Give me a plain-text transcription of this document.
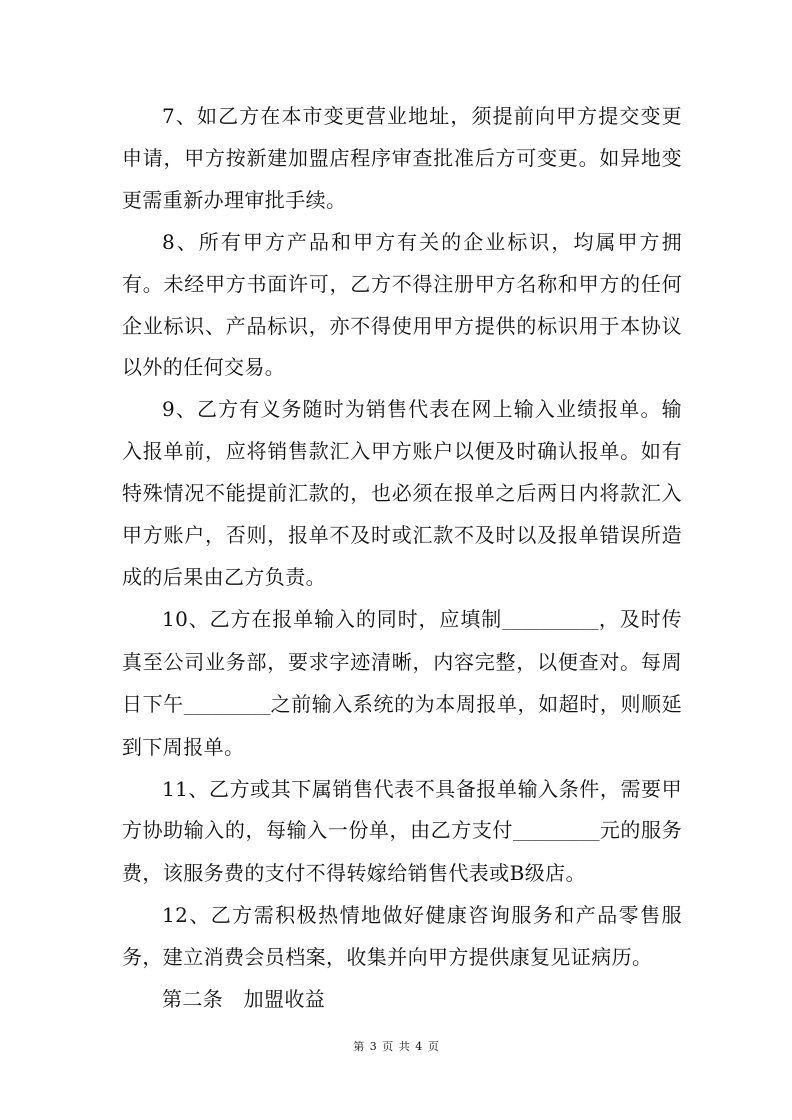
7、如乙方在本市变更营业地址，须提前向甲方提交变更申请，甲方按新建加盟店程序审查批准后方可变更。如异地变更需重新办理审批手续。

8、所有甲方产品和甲方有关的企业标识，均属甲方拥有。未经甲方书面许可，乙方不得注册甲方名称和甲方的任何企业标识、产品标识，亦不得使用甲方提供的标识用于本协议以外的任何交易。

9、乙方有义务随时为销售代表在网上输入业绩报单。输入报单前，应将销售款汇入甲方账户以便及时确认报单。如有特殊情况不能提前汇款的，也必须在报单之后两日内将款汇入甲方账户，否则，报单不及时或汇款不及时以及报单错误所造成的后果由乙方负责。

10、乙方在报单输入的同时，应填制__________，及时传真至公司业务部，要求字迹清晰，内容完整，以便查对。每周日下午_________之前输入系统的为本周报单，如超时，则顺延到下周报单。

11、乙方或其下属销售代表不具备报单输入条件，需要甲方协助输入的，每输入一份单，由乙方支付_________元的服务费，该服务费的支付不得转嫁给销售代表或B级店。

12、乙方需积极热情地做好健康咨询服务和产品零售服务，建立消费会员档案，收集并向甲方提供康复见证病历。

第二条　加盟收益

第 3 页 共 4 页
